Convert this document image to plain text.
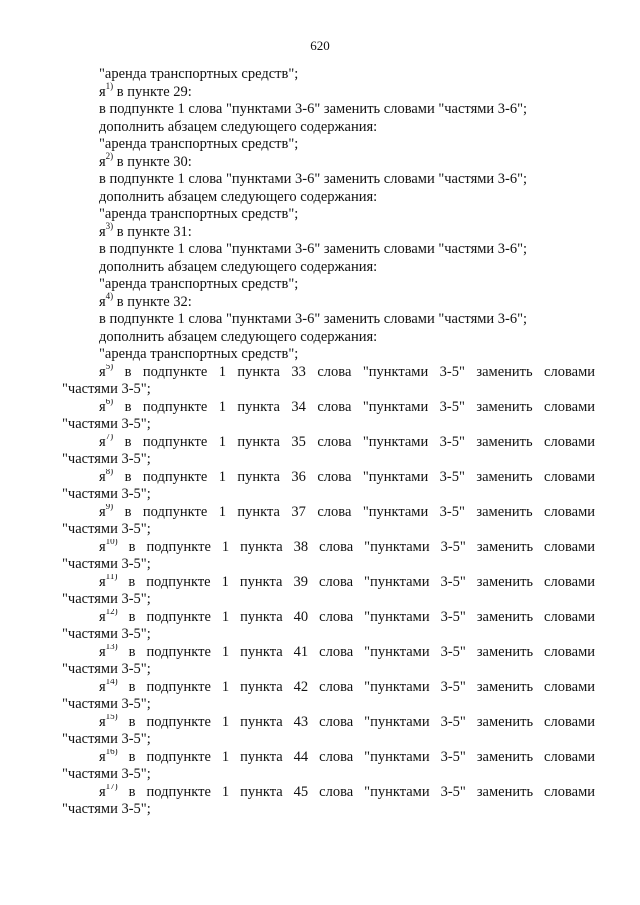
620
"аренда транспортных средств";
$я^{1)}$ в пункте 29:
в подпункте 1 слова "пунктами 3-6" заменить словами "частями 3-6";
дополнить абзацем следующего содержания:
"аренда транспортных средств";
$я^{2)}$ в пункте 30:
в подпункте 1 слова "пунктами 3-6" заменить словами "частями 3-6";
дополнить абзацем следующего содержания:
"аренда транспортных средств";
$я^{3)}$ в пункте 31:
в подпункте 1 слова "пунктами 3-6" заменить словами "частями 3-6";
дополнить абзацем следующего содержания:
"аренда транспортных средств";
$я^{4)}$ в пункте 32:
в подпункте 1 слова "пунктами 3-6" заменить словами "частями 3-6";
дополнить абзацем следующего содержания:
"аренда транспортных средств";
$я^{5)}$ в подпункте 1 пункта 33 слова "пунктами 3-5" заменить словами
"частями 3-5";
$я^{6)}$ в подпункте 1 пункта 34 слова "пунктами 3-5" заменить словами
"частями 3-5";
$я^{7)}$ в подпункте 1 пункта 35 слова "пунктами 3-5" заменить словами
"частями 3-5";
$я^{8)}$ в подпункте 1 пункта 36 слова "пунктами 3-5" заменить словами
"частями 3-5";
$я^{9)}$ в подпункте 1 пункта 37 слова "пунктами 3-5" заменить словами
"частями 3-5";
$я^{10)}$ в подпункте 1 пункта 38 слова "пунктами 3-5" заменить словами
"частями 3-5";
$я^{11)}$ в подпункте 1 пункта 39 слова "пунктами 3-5" заменить словами
"частями 3-5";
$я^{12)}$ в подпункте 1 пункта 40 слова "пунктами 3-5" заменить словами
"частями 3-5";
$я^{13)}$ в подпункте 1 пункта 41 слова "пунктами 3-5" заменить словами
"частями 3-5";
$я^{14)}$ в подпункте 1 пункта 42 слова "пунктами 3-5" заменить словами
"частями 3-5";
$я^{15)}$ в подпункте 1 пункта 43 слова "пунктами 3-5" заменить словами
"частями 3-5";
$я^{16)}$ в подпункте 1 пункта 44 слова "пунктами 3-5" заменить словами
"частями 3-5";
$я^{17)}$ в подпункте 1 пункта 45 слова "пунктами 3-5" заменить словами
"частями 3-5";
